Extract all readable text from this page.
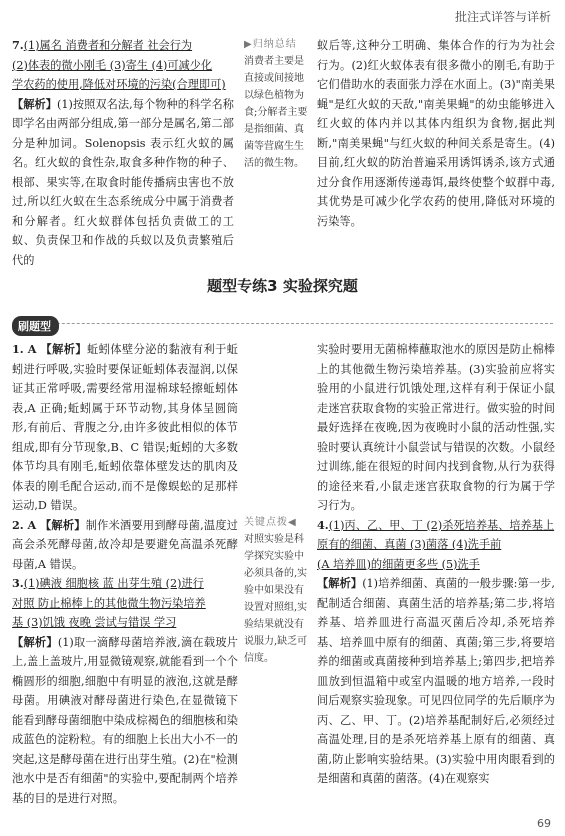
批注式详答与详析

7.(1)属名 消费者和分解者 社会行为

(2)体表的微小刚毛 (3)寄生 (4)可减少化

学农药的使用,降低对环境的污染(合理即可)

【解析】(1)按照双名法,每个物种的科学名称即学名由两部分组成,第一部分是属名,第二部分是种加词。Solenopsis 表示红火蚁的属名。红火蚁的食性杂,取食多种作物的种子、根部、果实等,在取食时能传播病虫害也不放过,所以红火蚁在生态系统成分中属于消费者和分解者。红火蚁群体包括负责做工的工蚁、负责保卫和作战的兵蚁以及负责繁殖后代的

▶归纳总结
消费者主要是直接或间接地以绿色植物为食;分解者主要是指细菌、真菌等营腐生生活的微生物。

蚁后等,这种分工明确、集体合作的行为为社会行为。(2)红火蚁体表有很多微小的刚毛,有助于它们借助水的表面张力浮在水面上。(3)"南美果蝇"是红火蚁的天敌,"南美果蝇"的幼虫能够进入红火蚁的体内并以其体内组织为食物,据此判断,"南美果蝇"与红火蚁的种间关系是寄生。(4)目前,红火蚁的防治普遍采用诱饵诱杀,该方式通过分食作用逐渐传递毒饵,最终使整个蚁群中毒,其优势是可减少化学农药的使用,降低对环境的污染等。

题型专练3 实验探究题
刷题型

1. A 【解析】蚯蚓体壁分泌的黏液有利于蚯蚓进行呼吸,实验时要保证蚯蚓体表湿润,以保证其正常呼吸,需要经常用湿棉球轻擦蚯蚓体表,A 正确;蚯蚓属于环节动物,其身体呈圆筒形,有前后、背腹之分,由许多彼此相似的体节组成,即有分节现象,B、C 错误;蚯蚓的大多数体节均具有刚毛,蚯蚓依靠体壁发达的肌肉及体表的刚毛配合运动,而不是像蜈蚣的足那样运动,D 错误。

2. A 【解析】制作米酒要用到酵母菌,温度过高会杀死酵母菌,故冷却是要避免高温杀死酵母菌,A 错误。

3.(1)碘液 细胞核 蓝 出芽生殖 (2)进行

对照 防止棉棒上的其他微生物污染培养

基 (3)饥饿 夜晚 尝试与错误 学习

【解析】(1)取一滴酵母菌培养液,滴在载玻片上,盖上盖玻片,用显微镜观察,就能看到一个个椭圆形的细胞,细胞中有明显的液泡,这就是酵母菌。用碘液对酵母菌进行染色,在显微镜下能看到酵母菌细胞中染成棕褐色的细胞核和染成蓝色的淀粉粒。有的细胞上长出大小不一的突起,这是酵母菌在进行出芽生殖。(2)在"检测池水中是否有细菌"的实验中,要配制两个培养基的目的是进行对照。

关键点拨◀
对照实验是科学探究实验中必须具备的,实验中如果没有设置对照组,实验结果就没有说服力,缺乏可信度。

实验时要用无菌棉棒蘸取池水的原因是防止棉棒上的其他微生物污染培养基。(3)实验前应将实验用的小鼠进行饥饿处理,这样有利于保证小鼠走迷宫获取食物的实验正常进行。做实验的时间最好选择在夜晚,因为夜晚时小鼠的活动性强,实验时要认真统计小鼠尝试与错误的次数。小鼠经过训练,能在很短的时间内找到食物,从行为获得的途径来看,小鼠走迷宫获取食物的行为属于学习行为。

4.(1)丙、乙、甲、丁 (2)杀死培养基、培养基上

原有的细菌、真菌 (3)菌落 (4)洗手前

(A 培养皿)的细菌更多些 (5)洗手

【解析】(1)培养细菌、真菌的一般步骤:第一步,配制适合细菌、真菌生活的培养基;第二步,将培养基、培养皿进行高温灭菌后冷却,杀死培养基、培养皿中原有的细菌、真菌;第三步,将要培养的细菌或真菌接种到培养基上;第四步,把培养皿放到恒温箱中或室内温暖的地方培养,一段时间后观察实验现象。可见四位同学的先后顺序为丙、乙、甲、丁。(2)培养基配制好后,必须经过高温处理,目的是杀死培养基上原有的细菌、真菌,防止影响实验结果。(3)实验中用肉眼看到的是细菌和真菌的菌落。(4)在观察实

69
